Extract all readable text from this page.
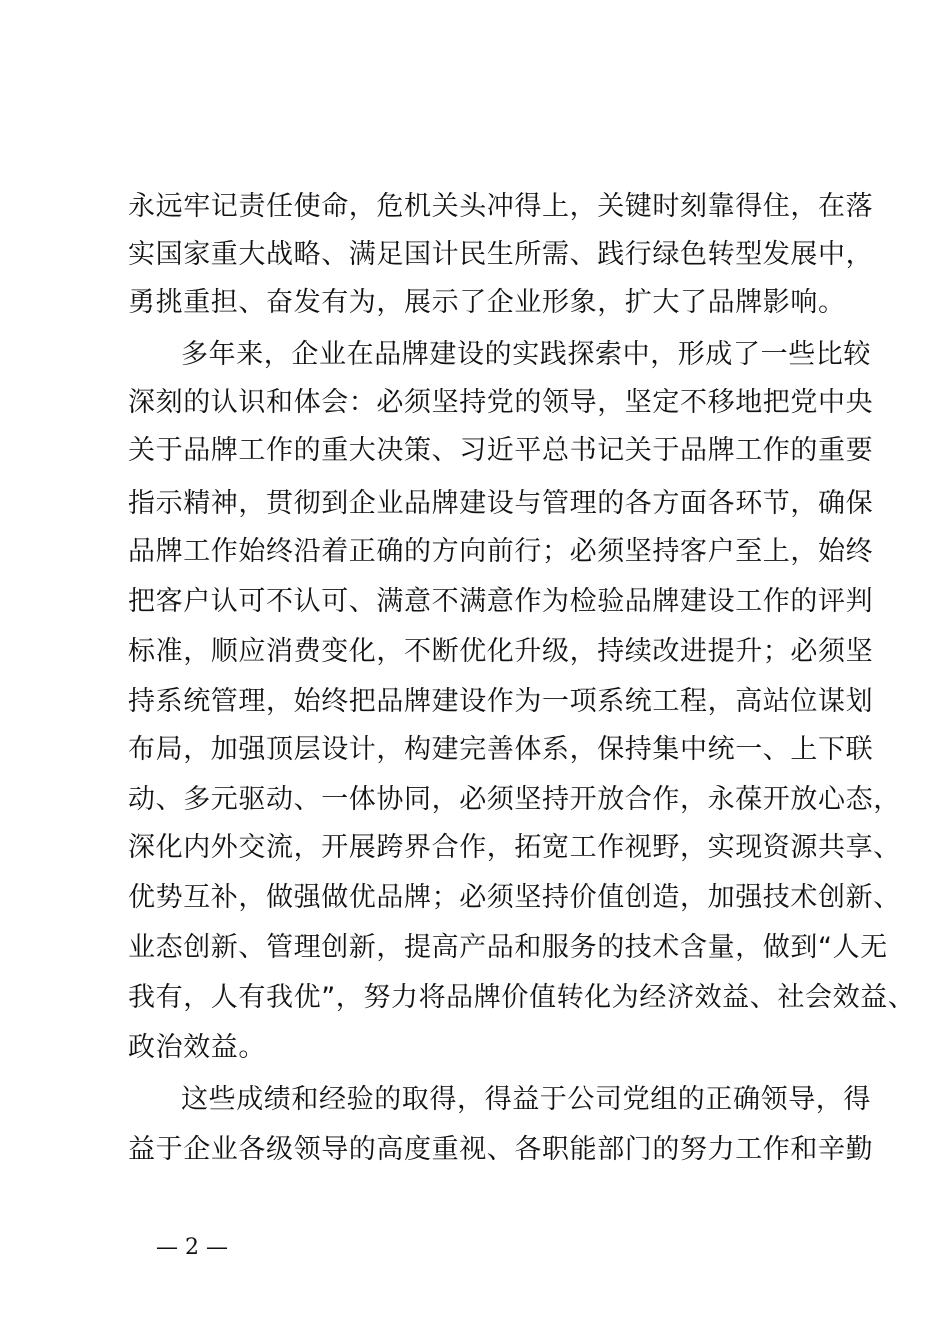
永远牢记责任使命，危机关头冲得上，关键时刻靠得住，在落
实国家重大战略、满足国计民生所需、践行绿色转型发展中，
勇挑重担、奋发有为，展示了企业形象，扩大了品牌影响。
多年来，企业在品牌建设的实践探索中，形成了一些比较
深刻的认识和体会：必须坚持党的领导，坚定不移地把党中央
关于品牌工作的重大决策、习近平总书记关于品牌工作的重要
指示精神，贯彻到企业品牌建设与管理的各方面各环节，确保
品牌工作始终沿着正确的方向前行；必须坚持客户至上，始终
把客户认可不认可、满意不满意作为检验品牌建设工作的评判
标准，顺应消费变化，不断优化升级，持续改进提升；必须坚
持系统管理，始终把品牌建设作为一项系统工程，高站位谋划
布局，加强顶层设计，构建完善体系，保持集中统一、上下联
动、多元驱动、一体协同，必须坚持开放合作，永葆开放心态，
深化内外交流，开展跨界合作，拓宽工作视野，实现资源共享、
优势互补，做强做优品牌；必须坚持价值创造，加强技术创新、
业态创新、管理创新，提高产品和服务的技术含量，做到“人无
我有，人有我优”，努力将品牌价值转化为经济效益、社会效益、
政治效益。
这些成绩和经验的取得，得益于公司党组的正确领导，得
益于企业各级领导的高度重视、各职能部门的努力工作和辛勤
— 2 —
